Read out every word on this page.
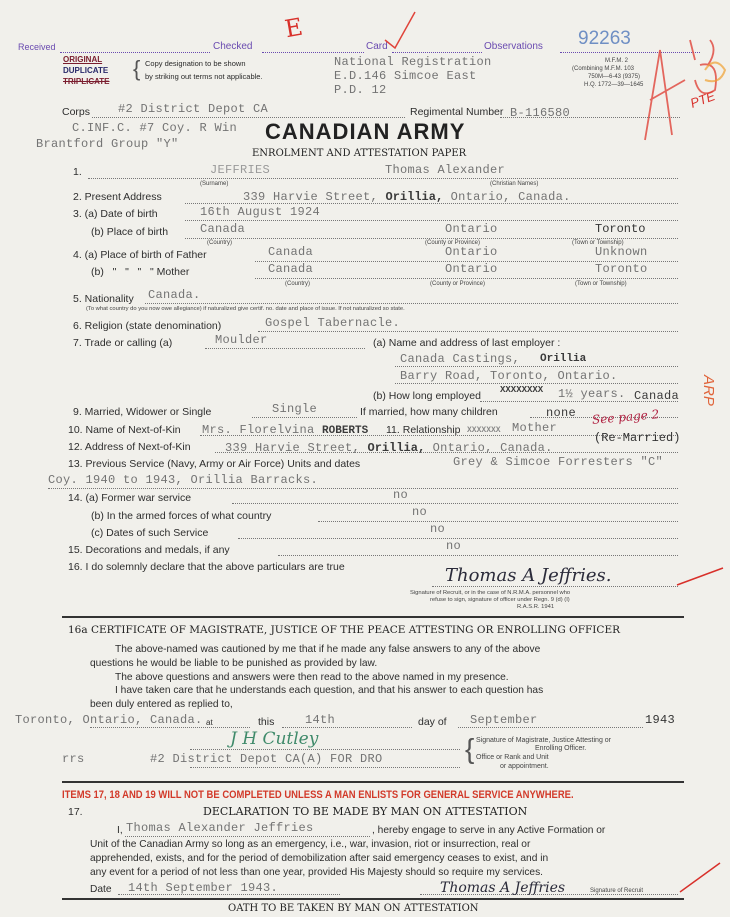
Received	Checked	Card	Observations 92263
National Registration
E.D.146 Simcoe East
P.D. 12
ORIGINAL
DUPLICATE
TRIPLICATE
{ Copy designation to be shown
by striking out terms not applicable.
M.F.M. 2
(Combining M.F.M. 103
750M—6-43 (9375)
H.Q. 1772—39—1645
E
PTE
Corps #2 District Depot CA	Regimental Number B-116580
C.INF.C. #7 Coy. R Win
Brantford Group "Y"	CANADIAN ARMY
ENROLMENT AND ATTESTATION PAPER
1.	JEFFRIES	Thomas Alexander
(Surname)	(Christian Names)
2. Present Address	339 Harvie Street, Orillia, Ontario, Canada.
3. (a) Date of birth	16th August 1924
(b) Place of birth	Canada	Ontario	Toronto
(Country)	(County or Province)	(Town or Township)
4. (a) Place of birth of Father	Canada	Ontario	Unknown
(b)   "   "   "   " Mother	Canada	Ontario	Toronto
(Country)	(County or Province)	(Town or Township)
5. Nationality Canada.
(To what country do you now owe allegiance) if naturalized give certif. no. date and place of issue. If not naturalized so state.
6. Religion (state denomination)	Gospel Tabernacle.
7. Trade or calling (a)	Moulder	(a) Name and address of last employer :
Canada Castings,
Barry Road, Toronto, Ontario.
Orillia
XXXXXXXX
(b) How long employed	1½ years. Canada
9. Married, Widower or Single	Single	If married, how many children	none
10. Name of Next-of-Kin Mrs. Florelvina ROBERTS 11. Relationship	Mother
See page 2
XXXXXXX
12. Address of Next-of-Kin	339 Harvie Street, Orillia, Ontario, Canada.
(Re-Married)
13. Previous Service (Navy, Army or Air Force) Units and dates	Grey & Simcoe Forresters "C"
Coy. 1940 to 1943, Orillia Barracks.
14. (a) Former war service	no
(b) In the armed forces of what country	no
(c) Dates of such Service	no
15. Decorations and medals, if any	no
16. I do solemnly declare that the above particulars are true	Thomas A Jeffries.
Signature of Recruit, or in the case of N.R.M.A. personnel who
refuse to sign, signature of officer under Regn. 9 (d) (I)
R.A.S.R. 1941
ARP
16a CERTIFICATE OF MAGISTRATE, JUSTICE OF THE PEACE ATTESTING OR ENROLLING OFFICER
The above-named was cautioned by me that if he made any false answers to any of the above
questions he would be liable to be punished as provided by law.
The above questions and answers were then read to the above named in my presence.
I have taken care that he understands each question, and that his answer to each question has
been duly entered as replied to,
Toronto, Ontario, Canada. at	this	14th	day of September	1943
J H Cutley
rrs	#2 District Depot CA(A) FOR DRO	{ Signature of Magistrate, Justice Attesting or
Enrolling Officer.
Office or Rank and Unit
or appointment.
ITEMS 17, 18 AND 19 WILL NOT BE COMPLETED UNLESS A MAN ENLISTS FOR GENERAL SERVICE ANYWHERE.
17.	DECLARATION TO BE MADE BY MAN ON ATTESTATION
I, Thomas Alexander Jeffries	, hereby engage to serve in any Active Formation or
Unit of the Canadian Army so long as an emergency, i.e., war, invasion, riot or insurrection, real or
apprehended, exists, and for the period of demobilization after said emergency ceases to exist, and in
any event for a period of not less than one year, provided His Majesty should so require my services.
Date 14th September 1943.	Thomas A Jeffries	Signature of Recruit
OATH TO BE TAKEN BY MAN ON ATTESTATION
